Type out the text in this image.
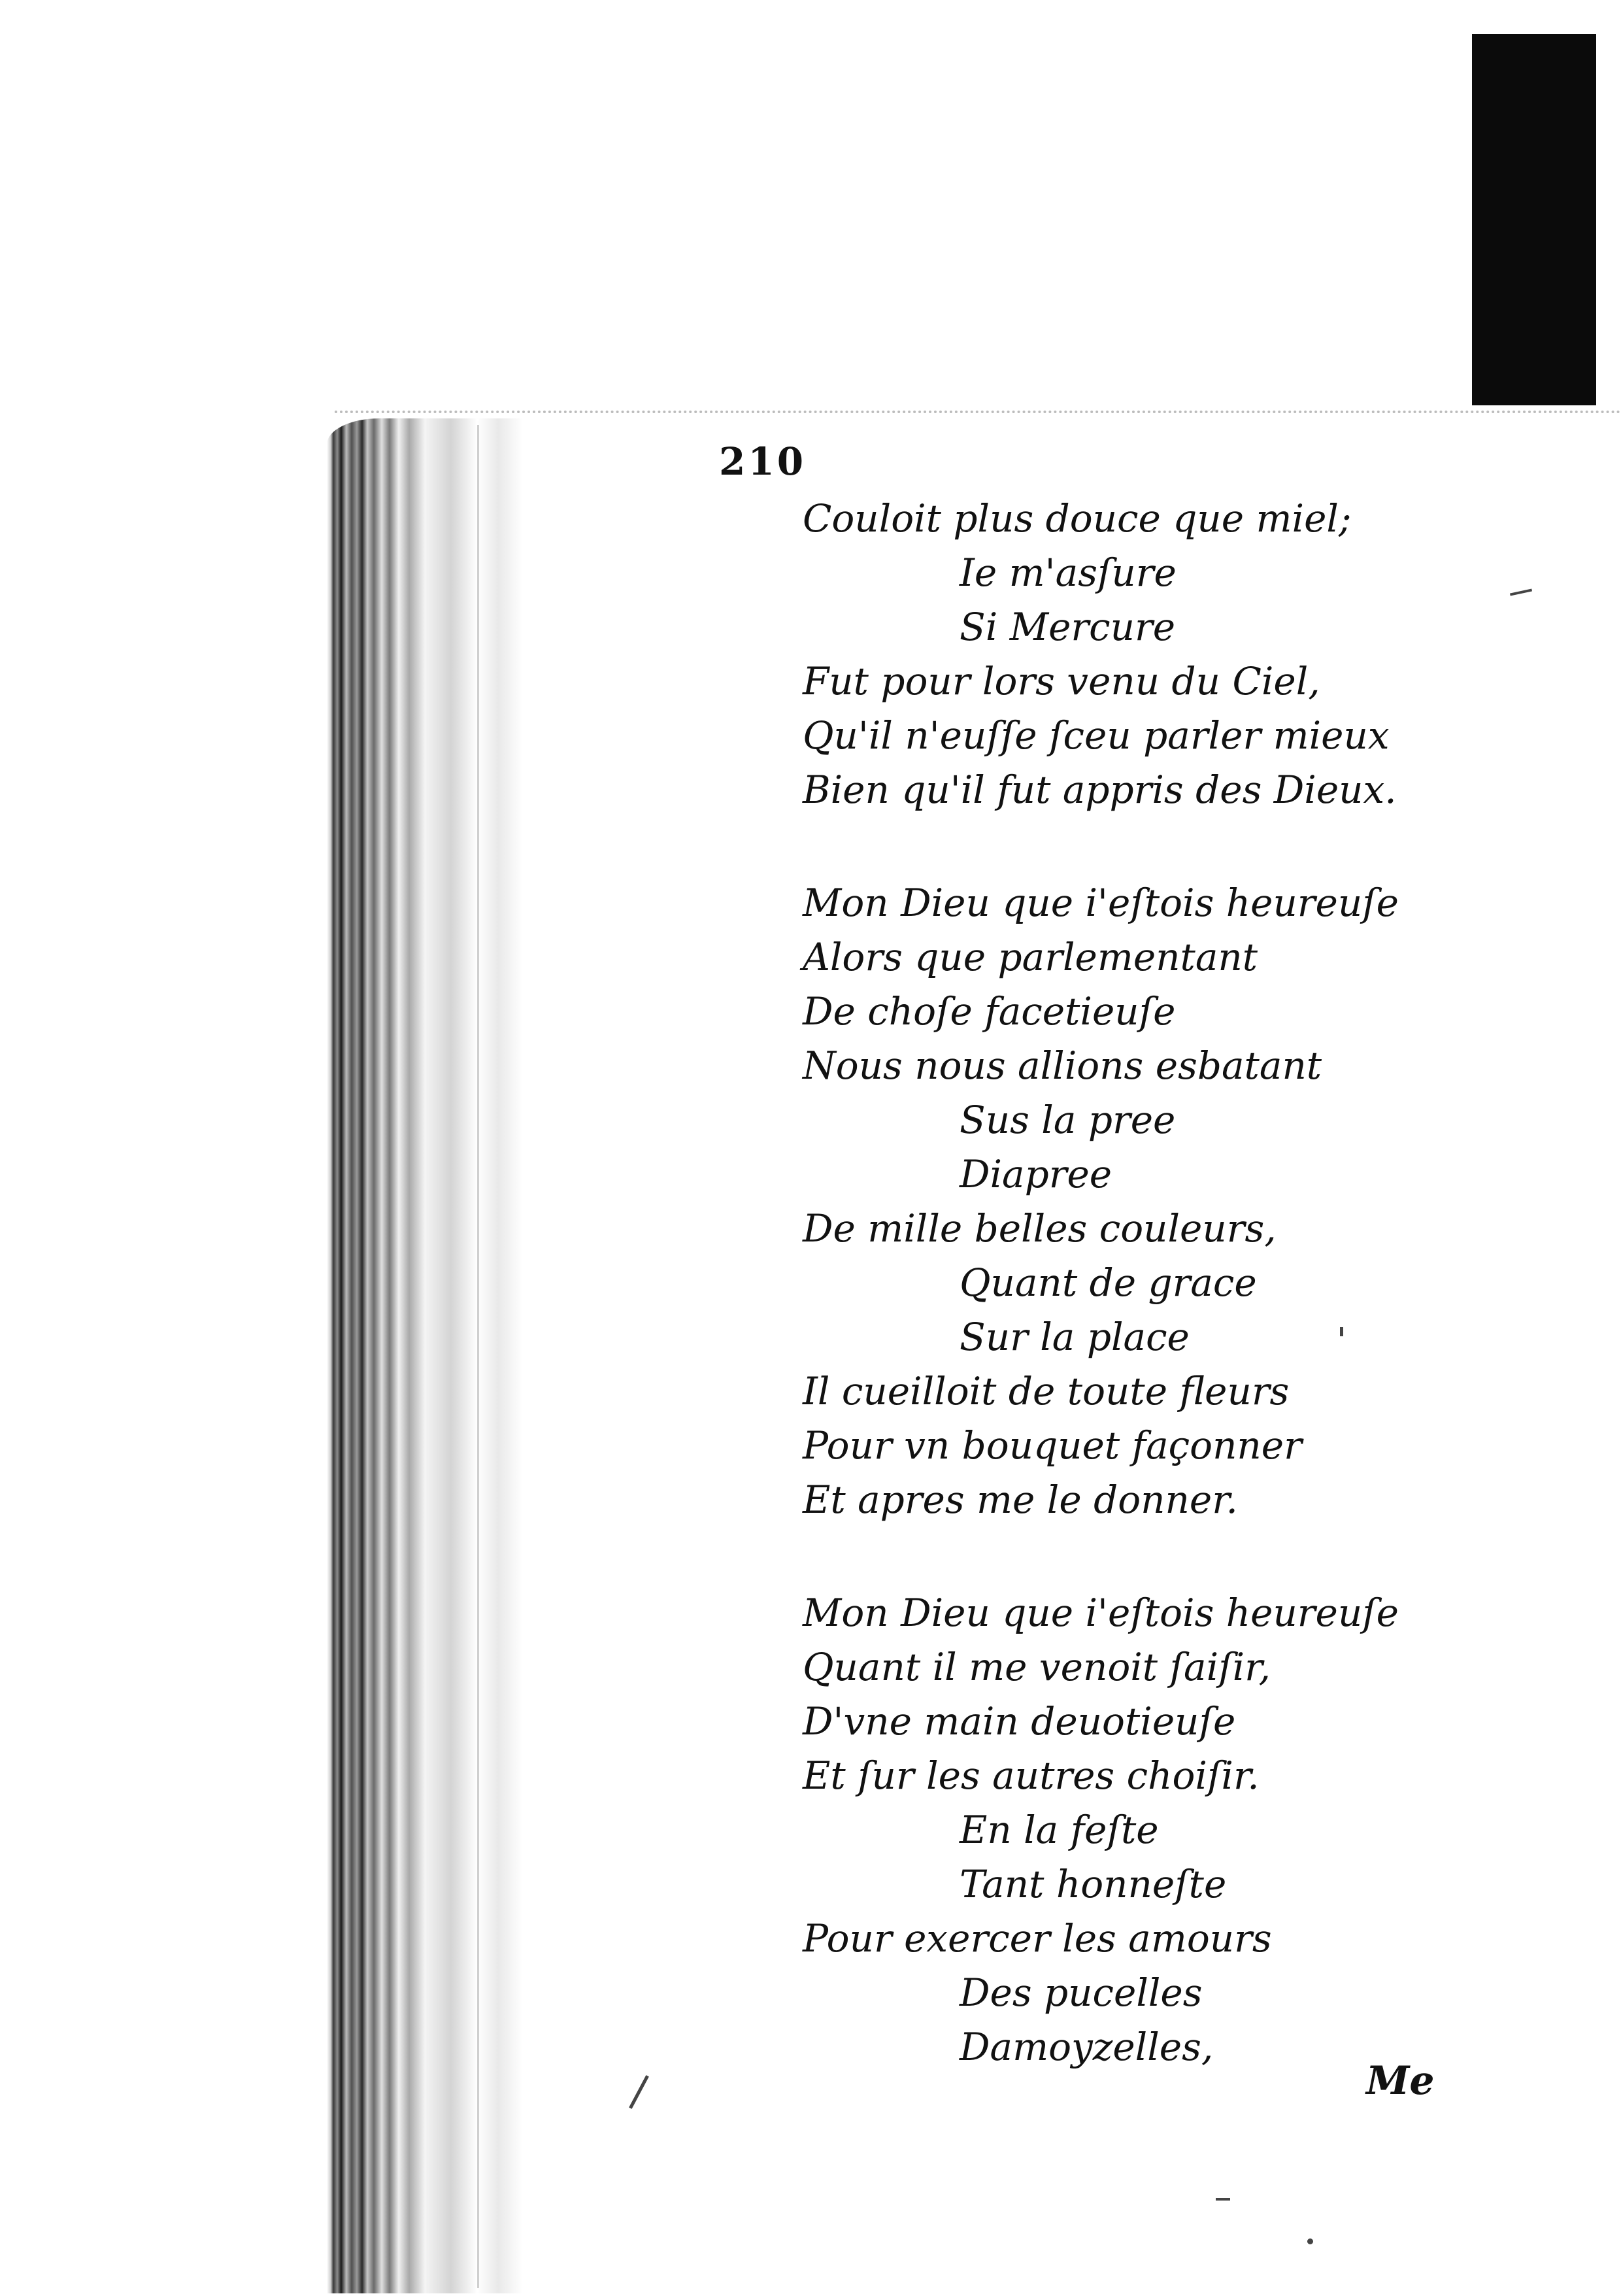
210
Couloit plus douce que miel;
Ie m'asſure
Si Mercure
Fut pour lors venu du Ciel,
Qu'il n'euſſe ſceu parler mieux
Bien qu'il fut appris des Dieux.
Mon Dieu que i'eſtois heureuſe
Alors que parlementant
De choſe facetieuſe
Nous nous allions esbatant
Sus la pree
Diapree
De mille belles couleurs,
Quant de grace
Sur la place
Il cueilloit de toute fleurs
Pour vn bouquet façonner
Et apres me le donner.
Mon Dieu que i'eſtois heureuſe
Quant il me venoit ſaiſir,
D'vne main deuotieuſe
Et ſur les autres choiſir.
En la feſte
Tant honneſte
Pour exercer les amours
Des pucelles
Damoyzelles,
Me
